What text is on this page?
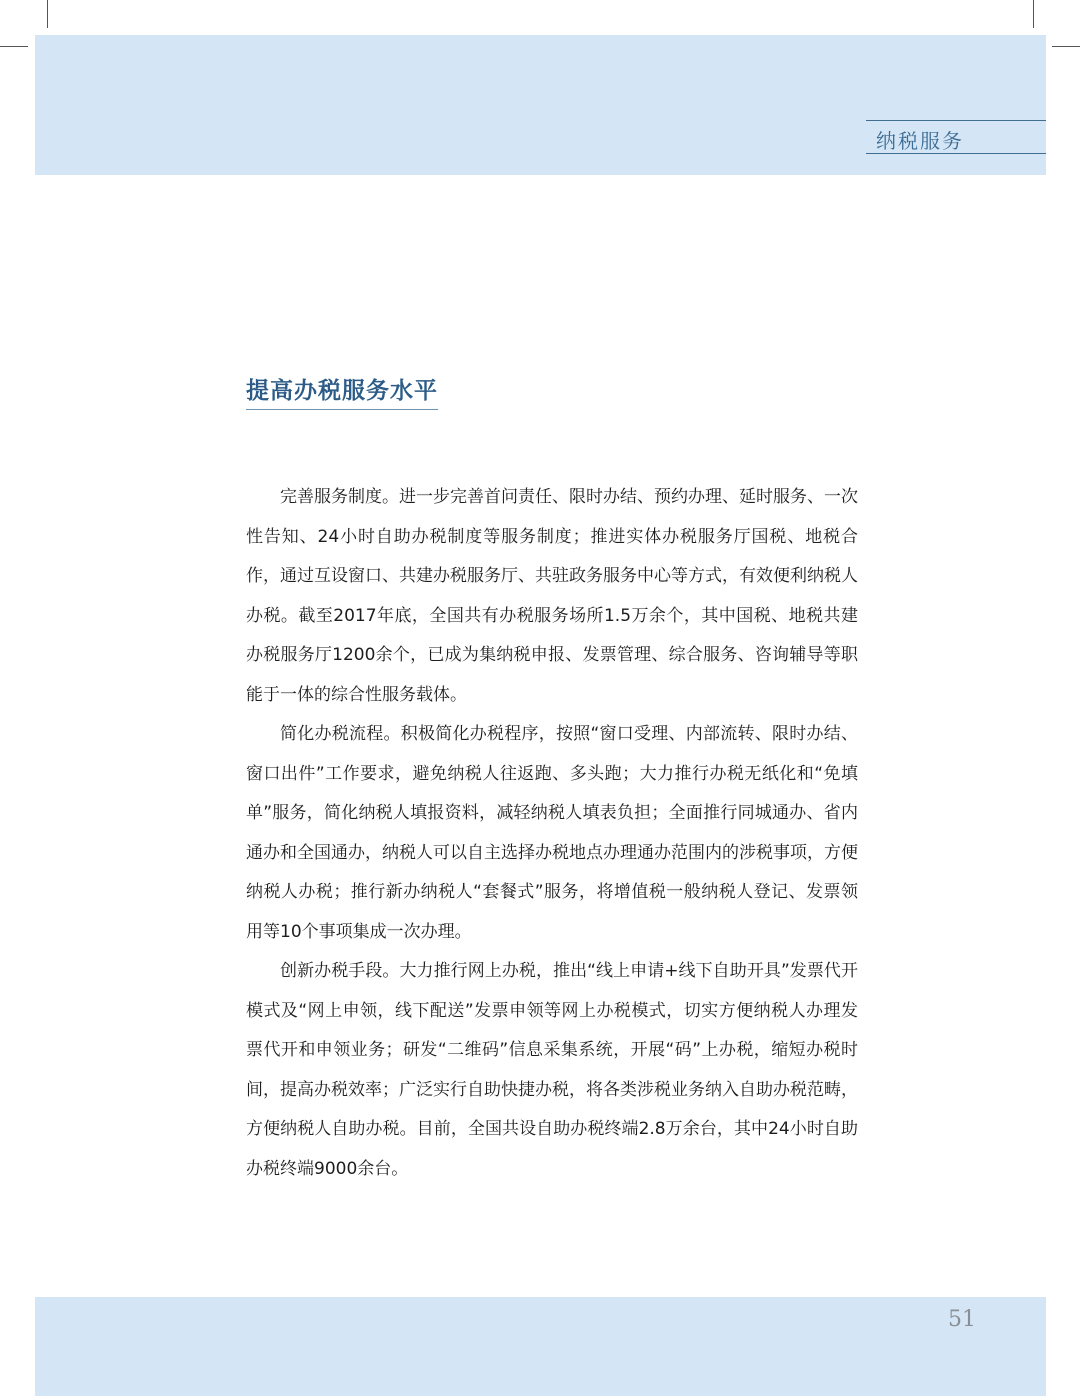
纳税服务
提高办税服务水平

完善服务制度。进一步完善首问责任、限时办结、预约办理、延时服务、一次性告知、24小时自助办税制度等服务制度；推进实体办税服务厅国税、地税合作，通过互设窗口、共建办税服务厅、共驻政务服务中心等方式，有效便利纳税人办税。截至2017年底，全国共有办税服务场所1.5万余个，其中国税、地税共建办税服务厅1200余个，已成为集纳税申报、发票管理、综合服务、咨询辅导等职能于一体的综合性服务载体。

简化办税流程。积极简化办税程序，按照“窗口受理、内部流转、限时办结、窗口出件”工作要求，避免纳税人往返跑、多头跑；大力推行办税无纸化和“免填单”服务，简化纳税人填报资料，减轻纳税人填表负担；全面推行同城通办、省内通办和全国通办，纳税人可以自主选择办税地点办理通办范围内的涉税事项，方便纳税人办税；推行新办纳税人“套餐式”服务，将增值税一般纳税人登记、发票领用等10个事项集成一次办理。

创新办税手段。大力推行网上办税，推出“线上申请+线下自助开具”发票代开模式及“网上申领，线下配送”发票申领等网上办税模式，切实方便纳税人办理发票代开和申领业务；研发“二维码”信息采集系统，开展“码”上办税，缩短办税时间，提高办税效率；广泛实行自助快捷办税，将各类涉税业务纳入自助办税范畴，方便纳税人自助办税。目前，全国共设自助办税终端2.8万余台，其中24小时自助办税终端9000余台。

51
